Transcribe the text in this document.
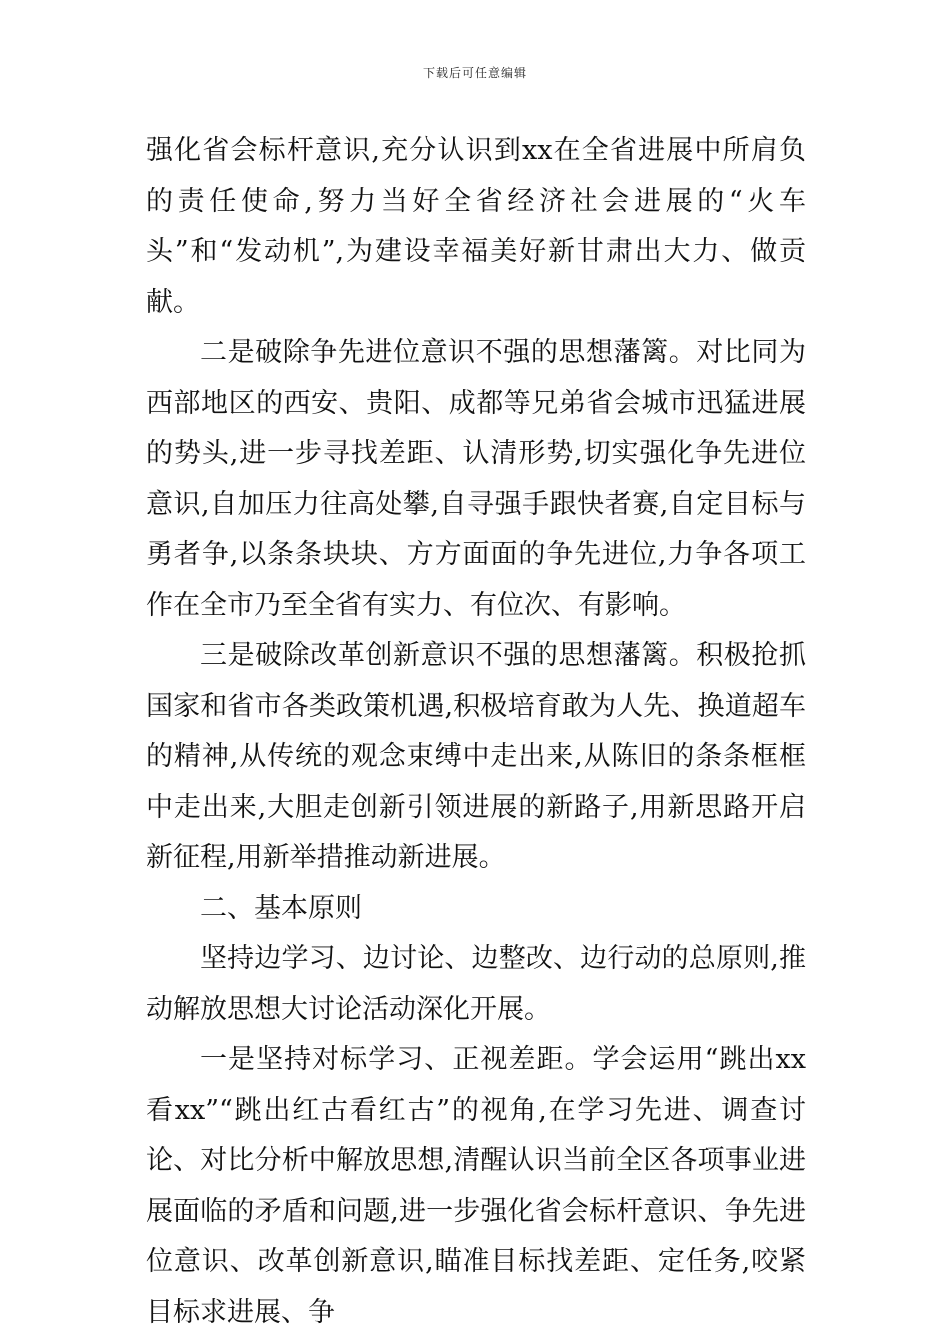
下载后可任意编辑

强化省会标杆意识,充分认识到xx在全省进展中所肩负的责任使命,努力当好全省经济社会进展的“火车头”和“发动机”,为建设幸福美好新甘肃出大力、做贡献。

二是破除争先进位意识不强的思想藩篱。对比同为西部地区的西安、贵阳、成都等兄弟省会城市迅猛进展的势头,进一步寻找差距、认清形势,切实强化争先进位意识,自加压力往高处攀,自寻强手跟快者赛,自定目标与勇者争,以条条块块、方方面面的争先进位,力争各项工作在全市乃至全省有实力、有位次、有影响。

三是破除改革创新意识不强的思想藩篱。积极抢抓国家和省市各类政策机遇,积极培育敢为人先、换道超车的精神,从传统的观念束缚中走出来,从陈旧的条条框框中走出来,大胆走创新引领进展的新路子,用新思路开启新征程,用新举措推动新进展。

二、基本原则

坚持边学习、边讨论、边整改、边行动的总原则,推动解放思想大讨论活动深化开展。

一是坚持对标学习、正视差距。学会运用“跳出xx看xx”“跳出红古看红古”的视角,在学习先进、调查讨论、对比分析中解放思想,清醒认识当前全区各项事业进展面临的矛盾和问题,进一步强化省会标杆意识、争先进位意识、改革创新意识,瞄准目标找差距、定任务,咬紧目标求进展、争
